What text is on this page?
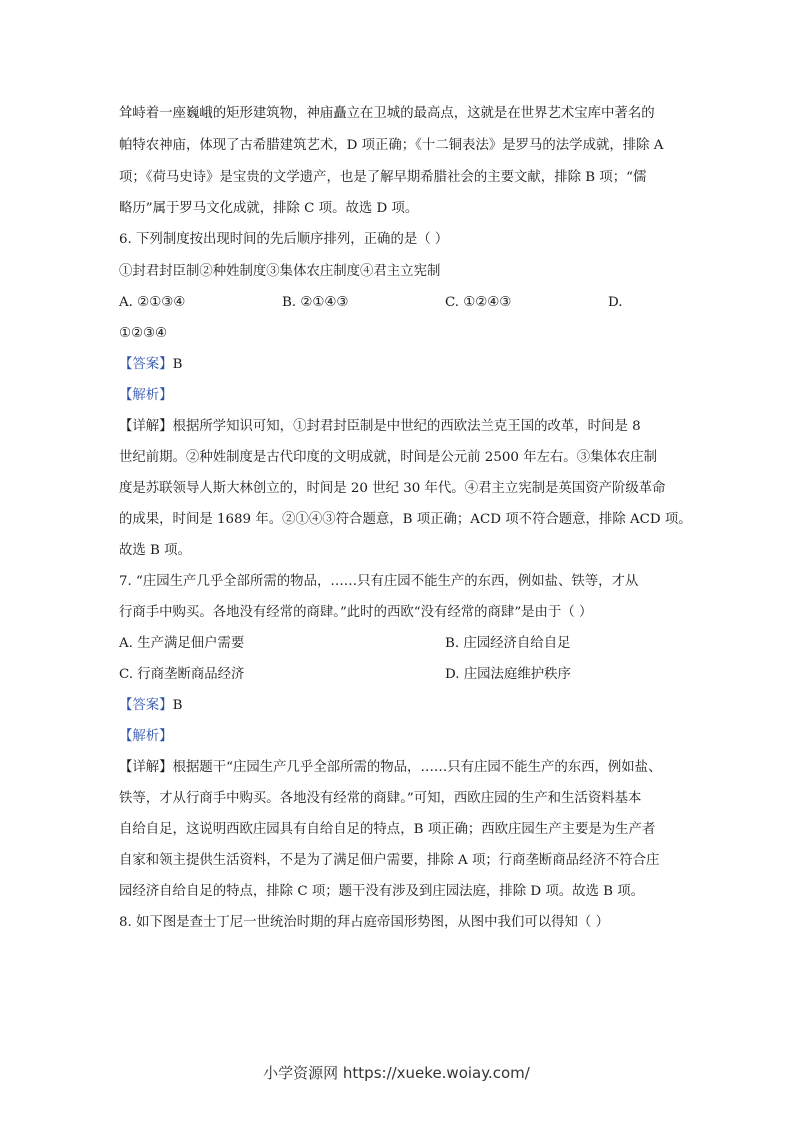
耸峙着一座巍峨的矩形建筑物，神庙矗立在卫城的最高点，这就是在世界艺术宝库中著名的
帕特农神庙，体现了古希腊建筑艺术，D 项正确；《十二铜表法》是罗马的法学成就，排除 A
项；《荷马史诗》是宝贵的文学遗产，也是了解早期希腊社会的主要文献，排除 B 项；“儒
略历”属于罗马文化成就，排除 C 项。故选 D 项。
6. 下列制度按出现时间的先后顺序排列，正确的是（ ）
①封君封臣制②种姓制度③集体农庄制度④君主立宪制
A. ②①③④	B. ②①④③	C. ①②④③	D.
①②③④
【答案】B
【解析】
【详解】根据所学知识可知，①封君封臣制是中世纪的西欧法兰克王国的改革，时间是 8
世纪前期。②种姓制度是古代印度的文明成就，时间是公元前 2500 年左右。③集体农庄制
度是苏联领导人斯大林创立的，时间是 20 世纪 30 年代。④君主立宪制是英国资产阶级革命
的成果，时间是 1689 年。②①④③符合题意，B 项正确；ACD 项不符合题意，排除 ACD 项。
故选 B 项。
7. “庄园生产几乎全部所需的物品，……只有庄园不能生产的东西，例如盐、铁等，才从
行商手中购买。各地没有经常的商肆。”此时的西欧“没有经常的商肆”是由于（ ）
A. 生产满足佃户需要	B. 庄园经济自给自足
C. 行商垄断商品经济	D. 庄园法庭维护秩序
【答案】B
【解析】
【详解】根据题干“庄园生产几乎全部所需的物品，……只有庄园不能生产的东西，例如盐、
铁等，才从行商手中购买。各地没有经常的商肆。”可知，西欧庄园的生产和生活资料基本
自给自足，这说明西欧庄园具有自给自足的特点，B 项正确；西欧庄园生产主要是为生产者
自家和领主提供生活资料，不是为了满足佃户需要，排除 A 项；行商垄断商品经济不符合庄
园经济自给自足的特点，排除 C 项；题干没有涉及到庄园法庭，排除 D 项。故选 B 项。
8. 如下图是查士丁尼一世统治时期的拜占庭帝国形势图，从图中我们可以得知（ ）
小学资源网 https://xueke.woiay.com/
